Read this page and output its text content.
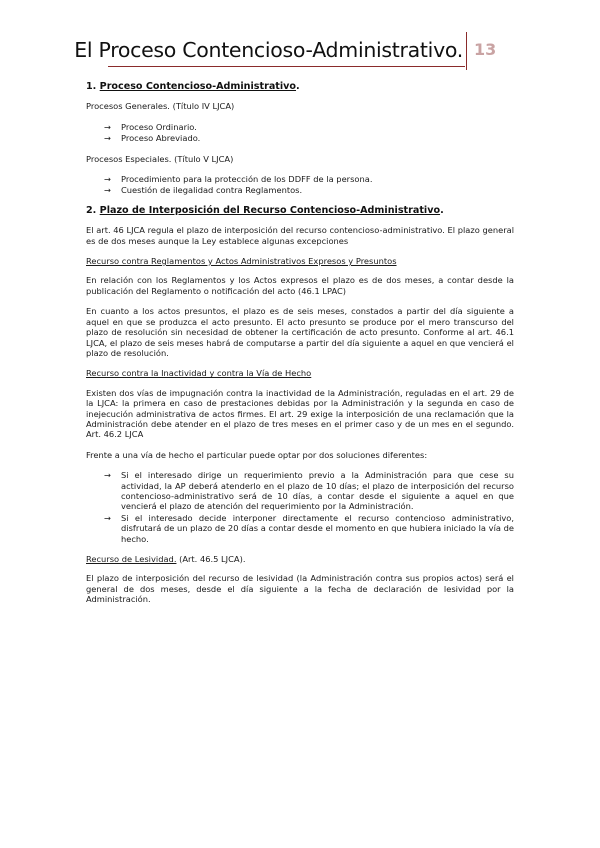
El Proceso Contencioso-Administrativo. 13
1. Proceso Contencioso-Administrativo.

Procesos Generales. (Título IV LJCA)

→ Proceso Ordinario.
→ Proceso Abreviado.

Procesos Especiales. (Título V LJCA)

→ Procedimiento para la protección de los DDFF de la persona.
→ Cuestión de ilegalidad contra Reglamentos.
2. Plazo de Interposición del Recurso Contencioso-Administrativo.

El art. 46 LJCA regula el plazo de interposición del recurso contencioso-administrativo. El plazo general es de dos meses aunque la Ley establece algunas excepciones

Recurso contra Reglamentos y Actos Administrativos Expresos y Presuntos

En relación con los Reglamentos y los Actos expresos el plazo es de dos meses, a contar desde la publicación del Reglamento o notificación del acto (46.1 LPAC)

En cuanto a los actos presuntos, el plazo es de seis meses, constados a partir del día siguiente a aquel en que se produzca el acto presunto. El acto presunto se produce por el mero transcurso del plazo de resolución sin necesidad de obtener la certificación de acto presunto. Conforme al art. 46.1 LJCA, el plazo de seis meses habrá de computarse a partir del día siguiente a aquel en que vencierá el plazo de resolución.

Recurso contra la Inactividad y contra la Vía de Hecho

Existen dos vías de impugnación contra la inactividad de la Administración, reguladas en el art. 29 de la LJCA: la primera en caso de prestaciones debidas por la Administración y la segunda en caso de inejecución administrativa de actos firmes. El art. 29 exige la interposición de una reclamación que la Administración debe atender en el plazo de tres meses en el primer caso y de un mes en el segundo. Art. 46.2 LJCA

Frente a una vía de hecho el particular puede optar por dos soluciones diferentes:

→ Si el interesado dirige un requerimiento previo a la Administración para que cese su actividad, la AP deberá atenderlo en el plazo de 10 días; el plazo de interposición del recurso contencioso-administrativo será de 10 días, a contar desde el siguiente a aquel en que vencierá el plazo de atención del requerimiento por la Administración.
→ Si el interesado decide interponer directamente el recurso contencioso administrativo, disfrutará de un plazo de 20 días a contar desde el momento en que hubiera iniciado la vía de hecho.

Recurso de Lesividad. (Art. 46.5 LJCA).

El plazo de interposición del recurso de lesividad (la Administración contra sus propios actos) será el general de dos meses, desde el día siguiente a la fecha de declaración de lesividad por la Administración.
